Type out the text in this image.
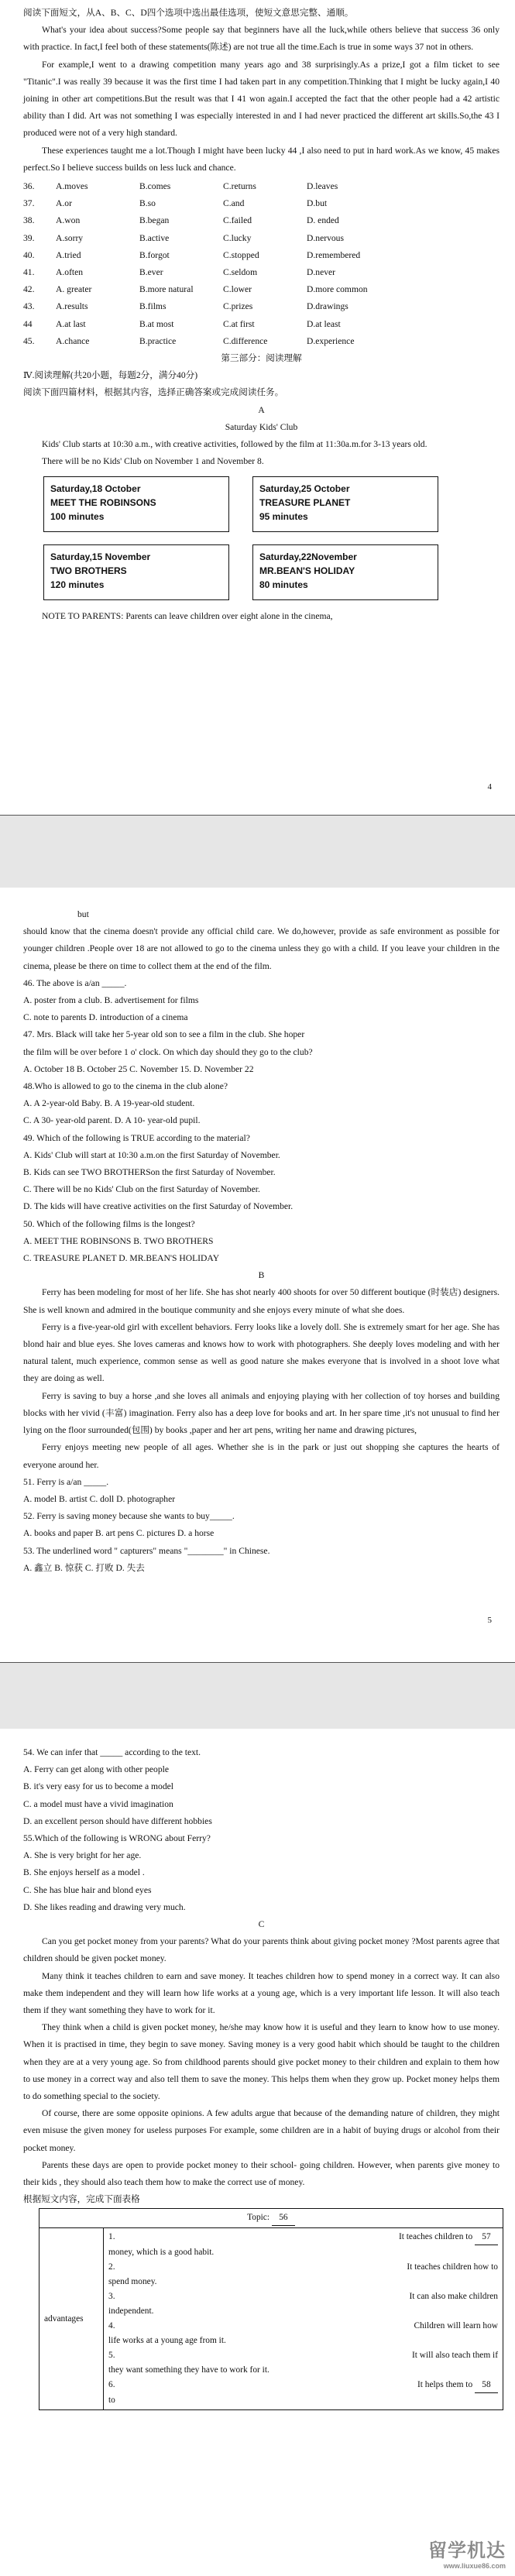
阅读下面短文，从A、B、C、D四个选项中选出最佳选项，使短文意思完整、通顺。

What's your idea about success?Some people say that beginners have all the luck,while others believe that success 36 only with practice. In fact,I feel both of these statements(陈述) are not true all the time.Each is true in some ways 37 not in others.

For example,I went to a drawing competition many years ago and 38 surprisingly.As a prize,I got a film ticket to see "Titanic".I was really 39 because it was the first time I had taken part in any competition.Thinking that I might be lucky again,I 40 joining in other art competitions.But the result was that I 41 won again.I accepted the fact that the other people had a 42 artistic ability than I did. Art was not something I was especially interested in and I had never practiced the different art skills.So,the 43 I produced were not of a very high standard.

These experiences taught me a lot.Though I might have been lucky 44 ,I also need to put in hard work.As we know, 45 makes perfect.So I believe success builds on less luck and chance.

36.	A.moves	B.comes	C.returns	D.leaves
37.	A.or	B.so	C.and	D.but
38.	A.won	B.began	C.failed	D. ended
39.	A.sorry	B.active	C.lucky	D.nervous
40.	A.tried	B.forgot	C.stopped	D.remembered
41.	A.often	B.ever	C.seldom	D.never
42.	A. greater	B.more natural	C.lower	D.more common
43.	A.results	B.films	C.prizes	D.drawings
44	A.at last	B.at most	C.at first	D.at least
45.	A.chance	B.practice	C.difference	D.experience
第三部分：阅读理解
Ⅳ.阅读理解(共20小题，每题2分，满分40分)
阅读下面四篇材料，根据其内容，选择正确答案或完成阅读任务。
A
Saturday Kids' Club

Kids' Club starts at 10:30 a.m., with creative activities, followed by the film at 11:30a.m.for 3-13 years old.

There will be no Kids' Club on November 1 and November 8.

Saturday,18 October
MEET THE ROBINSONS
100 minutes
Saturday,25 October
TREASURE PLANET
95 minutes
Saturday,15 November
TWO BROTHERS
120 minutes
Saturday,22November
MR.BEAN'S HOLIDAY
80 minutes

NOTE TO PARENTS: Parents can leave children over eight alone in the cinema,

4
but

should know that the cinema doesn't provide any official child care. We do,however, provide as safe environment as possible for younger children .People over 18 are not allowed to go to the cinema unless they go with a child. If you leave your children in the cinema, please be there on time to collect them at the end of the film.

46. The above is a/an _____.
A. poster from a club. B. advertisement for films
C. note to parents D. introduction of a cinema
47. Mrs. Black will take her 5-year old son to see a film in the club. She hoper
the film will be over before 1 o' clock. On which day should they go to the club?
A. October 18 B. October 25 C. November 15. D. November 22
48.Who is allowed to go to the cinema in the club alone?
A. A 2-year-old Baby. B. A 19-year-old student.
C. A 30- year-old parent. D. A 10- year-old pupil.
49. Which of the following is TRUE according to the material?
A. Kids' Club will start at 10:30 a.m.on the first Saturday of November.
B. Kids can see TWO BROTHERSon the first Saturday of November.
C. There will be no Kids' Club on the first Saturday of November.
D. The kids will have creative activities on the first Saturday of November.
50. Which of the following films is the longest?
A. MEET THE ROBINSONS B. TWO BROTHERS
C. TREASURE PLANET D. MR.BEAN'S HOLIDAY
B

Ferry has been modeling for most of her life. She has shot nearly 400 shoots for over 50 different boutique (时装店) designers. She is well known and admired in the boutique community and she enjoys every minute of what she does.

Ferry is a five-year-old girl with excellent behaviors. Ferry looks like a lovely doll. She is extremely smart for her age. She has blond hair and blue eyes. She loves cameras and knows how to work with photographers. She deeply loves modeling and with her natural talent, much experience, common sense as well as good nature she makes everyone that is involved in a shoot love what they are doing as well.

Ferry is saving to buy a horse ,and she loves all animals and enjoying playing with her collection of toy horses and building blocks with her vivid (丰富) imagination. Ferry also has a deep love for books and art. In her spare time ,it's not unusual to find her lying on the floor surrounded(包围) by books ,paper and her art pens, writing her name and drawing pictures,

Ferry enjoys meeting new people of all ages. Whether she is in the park or just out shopping she captures the hearts of everyone around her.

51. Ferry is a/an _____.
A. model B. artist C. doll D. photographer
52. Ferry is saving money because she wants to buy_____.
A. books and paper B. art pens C. pictures D. a horse
53. The underlined word " capturers" means "________" in Chinese.
A. 鑫立 B. 惊获 C. 打败 D. 失去
5
54. We can infer that _____ according to the text.
A. Ferry can get along with other people
B. it's very easy for us to become a model
C. a model must have a vivid imagination
D. an excellent person should have different hobbies
55.Which of the following is WRONG about Ferry?
A. She is very bright for her age.
B. She enjoys herself as a model .
C. She has blue hair and blond eyes
D. She likes reading and drawing very much.
C

Can you get pocket money from your parents? What do your parents think about giving pocket money ?Most parents agree that children should be given pocket money.

Many think it teaches children to earn and save money. It teaches children how to spend money in a correct way. It can also make them independent and they will learn how life works at a young age, which is a very important life lesson. It will also teach them if they want something they have to work for it.

They think when a child is given pocket money, he/she may know how it is useful and they learn to know how to use money. When it is practised in time, they begin to save money. Saving money is a very good habit which should be taught to the children when they are at a very young age. So from childhood parents should give pocket money to their children and explain to them how to use money in a correct way and also tell them to save the money. This helps them when they grow up. Pocket money helps them to do something special to the society.

Of course, there are some opposite opinions. A few adults argue that because of the demanding nature of children, they might even misuse the given money for useless purposes For example, some children are in a habit of buying drugs or alcohol from their pocket money.

Parents these days are open to provide pocket money to their school- going children. However, when parents give money to their kids , they should also teach them how to make the correct use of money.

根据短文内容，完成下面表格
Topic: 56
advantages	
1.	It teaches children to 57
money, which is a good habit.
2.	It teaches children how to
spend money.
3.	It can also make children
independent.
4.	Children will learn how
life works at a young age from it.
5.	It will also teach them if
they want something they have to work for it.
6.	It helps them to 58
to
留学机达
www.liuxue86.com
